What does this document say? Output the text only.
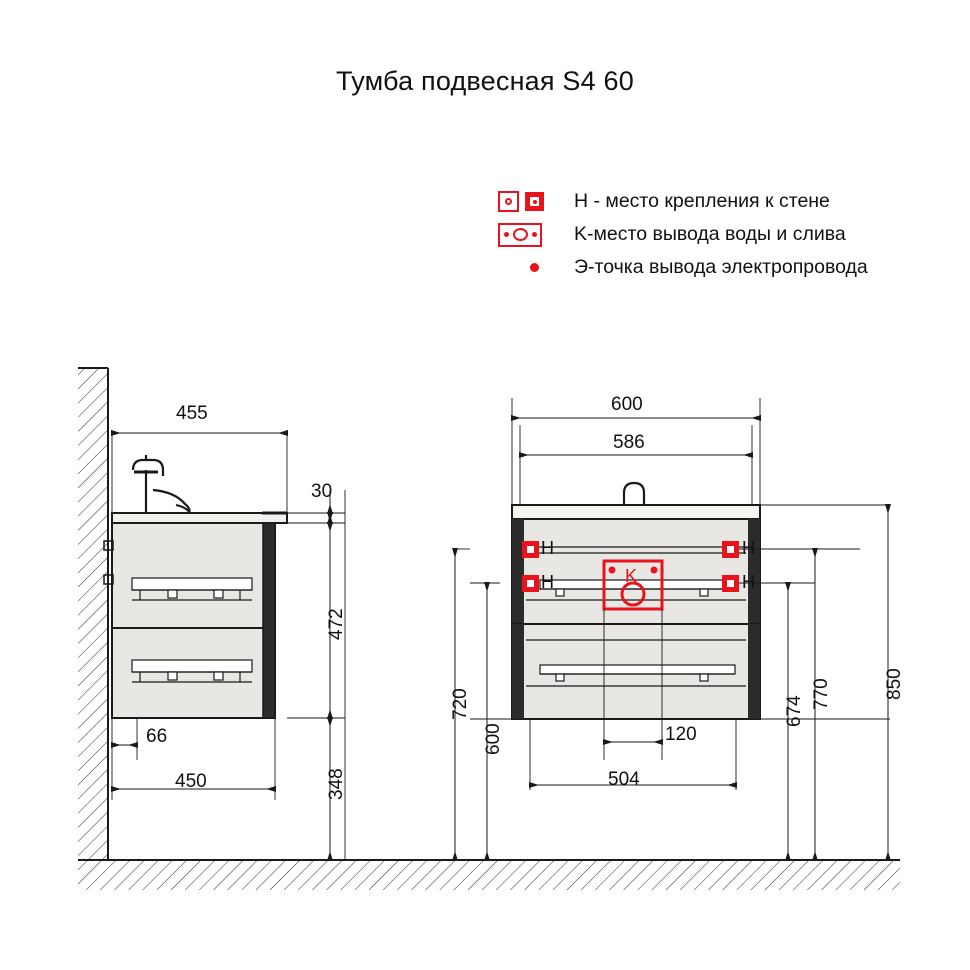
Тумба подвесная S4 60
H - место крепления к стене
K-место вывода воды и слива
Э-точка вывода электропровода
455
30
472
66
450	348
600
586
720
600	120
504
674
770	850
H	H
H	H
K
